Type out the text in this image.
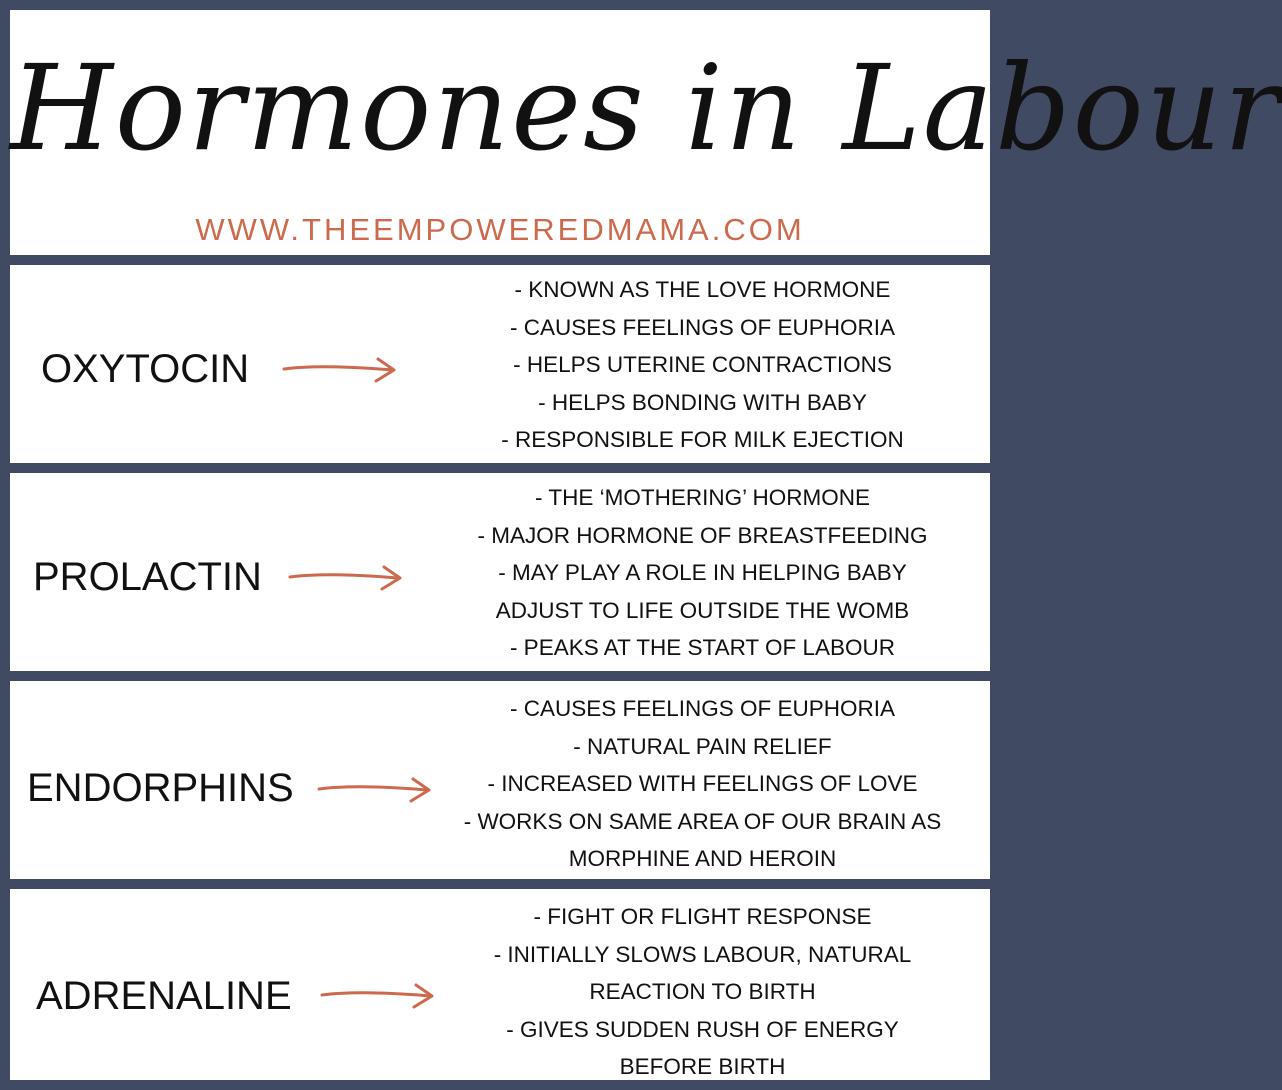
Hormones in Labour
WWW.THEEMPOWEREDMAMA.COM
OXYTOCIN
- KNOWN AS THE LOVE HORMONE
- CAUSES FEELINGS OF EUPHORIA
- HELPS UTERINE CONTRACTIONS
- HELPS BONDING WITH BABY
- RESPONSIBLE FOR MILK EJECTION
PROLACTIN
- THE ‘MOTHERING’ HORMONE
- MAJOR HORMONE OF BREASTFEEDING
- MAY PLAY A ROLE IN HELPING BABY
ADJUST TO LIFE OUTSIDE THE WOMB
- PEAKS AT THE START OF LABOUR
ENDORPHINS
- CAUSES FEELINGS OF EUPHORIA
- NATURAL PAIN RELIEF
- INCREASED WITH FEELINGS OF LOVE
- WORKS ON SAME AREA OF OUR BRAIN AS
MORPHINE AND HEROIN
ADRENALINE
- FIGHT OR FLIGHT RESPONSE
- INITIALLY SLOWS LABOUR, NATURAL
REACTION TO BIRTH
- GIVES SUDDEN RUSH OF ENERGY
BEFORE BIRTH
